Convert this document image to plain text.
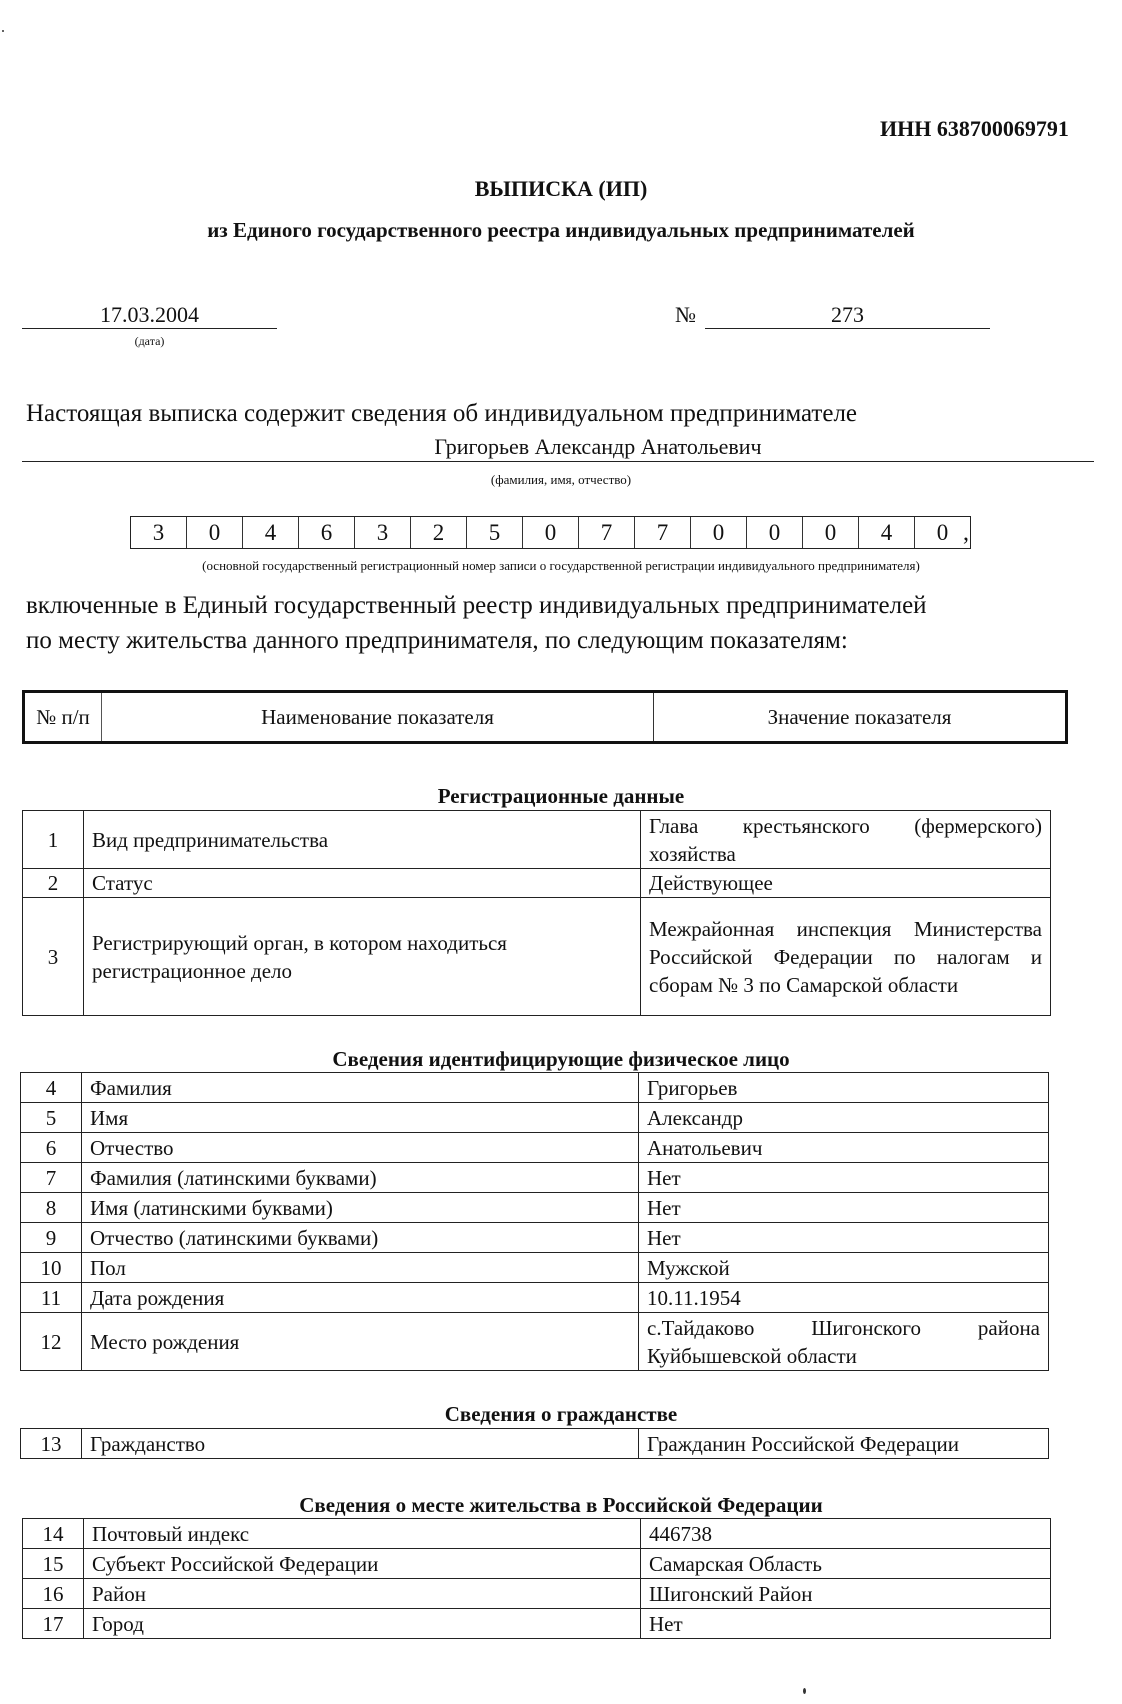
ИНН 638700069791
ВЫПИСКА (ИП)
из Единого государственного реестра индивидуальных предпринимателей
17.03.2004
(дата)
№	273
Настоящая выписка содержит сведения об индивидуальном предпринимателе
Григорьев Александр Анатольевич
(фамилия, имя, отчество)
3	0	4	6	3	2	5	0	7	7	0	0	0	4	0 ,
(основной государственный регистрационный номер записи о государственной регистрации индивидуального предпринимателя)
включенные в Единый государственный реестр индивидуальных предпринимателей
по месту жительства данного предпринимателя, по следующим показателям:
№ п/п	Наименование показателя	Значение показателя
Регистрационные данные
1	Вид предпринимательства	Глава крестьянского (фермерского) хозяйства
2	Статус	Действующее
3	Регистрирующий орган, в котором находиться регистрационное дело	Межрайонная инспекция Министерства Российской Федерации по налогам и сборам № 3 по Самарской области
Сведения идентифицирующие физическое лицо
4	Фамилия	Григорьев
5	Имя	Александр
6	Отчество	Анатольевич
7	Фамилия (латинскими буквами)	Нет
8	Имя (латинскими буквами)	Нет
9	Отчество (латинскими буквами)	Нет
10	Пол	Мужской
11	Дата рождения	10.11.1954
12	Место рождения	с.Тайдаково Шигонского района Куйбышевской области
Сведения о гражданстве
13	Гражданство	Гражданин Российской Федерации
Сведения о месте жительства в Российской Федерации
14	Почтовый индекс	446738
15	Субъект Российской Федерации	Самарская Область
16	Район	Шигонский Район
17	Город	Нет
